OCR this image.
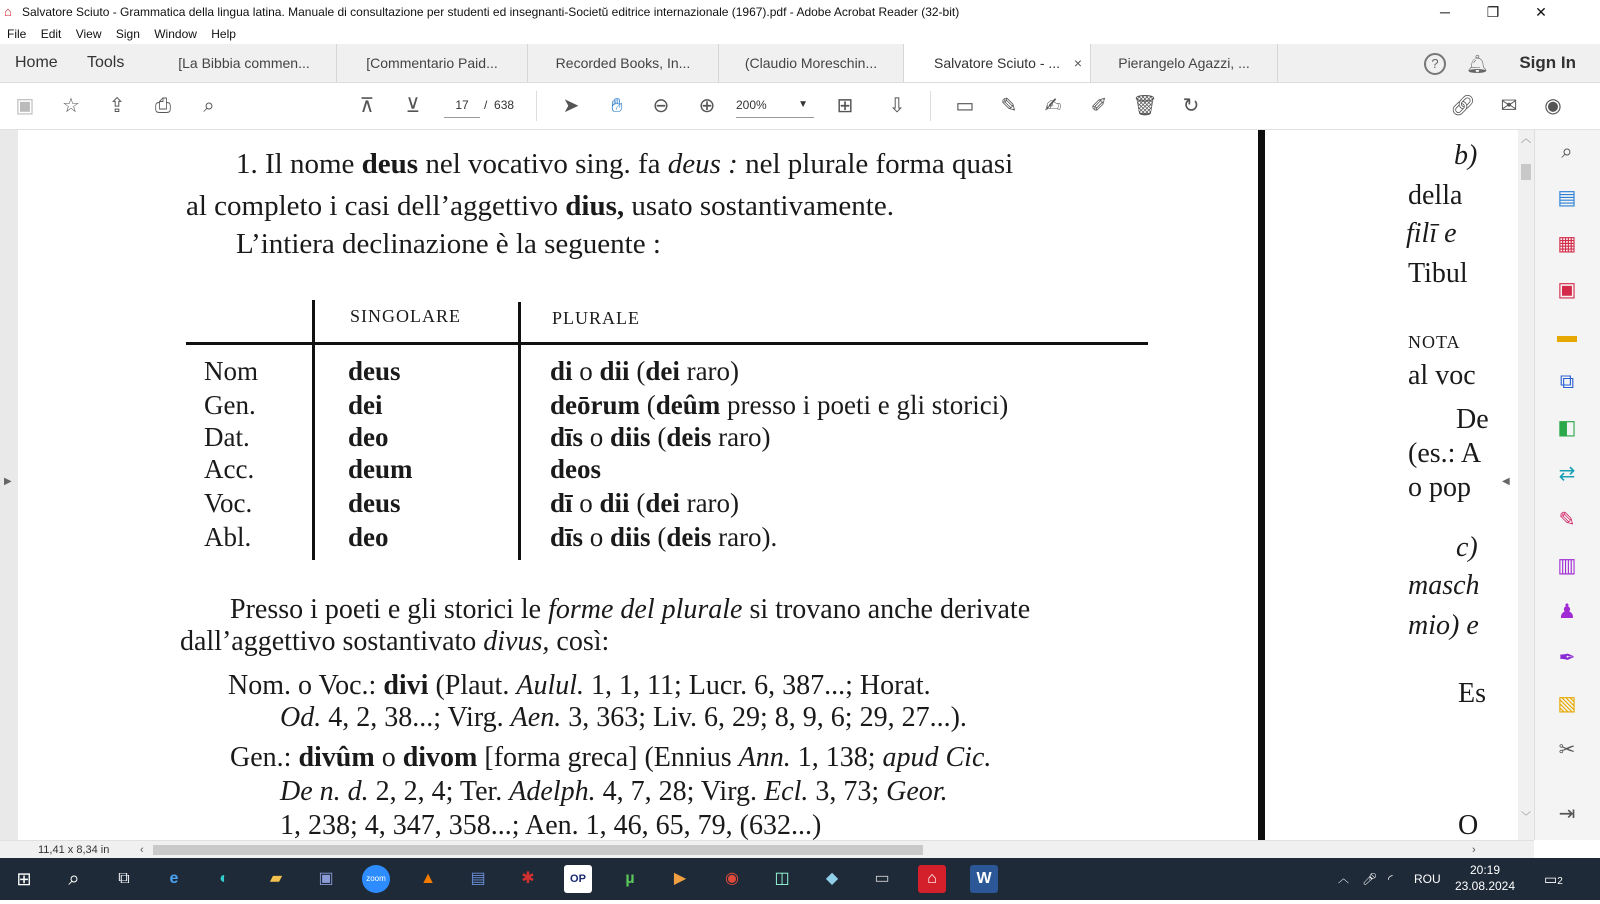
⌂ Salvatore Sciuto - Grammatica della lingua latina. Manuale di consultazione per studenti ed insegnanti-Societŭ editrice internazionale (1967).pdf - Adobe Acrobat Reader (32-bit)	─	❐	✕
File Edit View Sign Window Help
Home Tools	[La Bibbia commen...	[Commentario Paid...	Recorded Books, In...	(Claudio Moreschin...	Salvatore Sciuto - ... ×	Pierangelo Agazzi, ...	?	🔔︎ Sign In
▣ ☆ ⇪ ⎙	⌕	⊼ ⊻	17	/ 638 ➤	✋︎	⊖ ⊕	200%	▼ ⊞ ⇩	▭ ✎ ✍︎ ✐ 🗑︎ ↻	🔗︎ ✉ ◉
▶
1. Il nome deus nel vocativo sing. fa deus : nel plurale forma quasi
al completo i casi dell’aggettivo dius, usato sostantivamente.
L’intiera declinazione è la seguente :
SINGOLARE	PLURALE
Nom	deus	di o dii (dei raro)
Gen.	dei	deōrum (deûm presso i poeti e gli storici)
Dat.	deo	dīs o diis (deis raro)
Acc.	deum	deos
Voc.	deus	dī o dii (dei raro)
Abl.	deo	dīs o diis (deis raro).
Presso i poeti e gli storici le forme del plurale si trovano anche derivate
dall’aggettivo sostantivato divus, così:
Nom. o Voc.: divi (Plaut. Aulul. 1, 1, 11; Lucr. 6, 387...; Horat.
Od. 4, 2, 38...; Virg. Aen. 3, 363; Liv. 6, 29; 8, 9, 6; 29, 27...).
Gen.: divûm o divom [forma greca] (Ennius Ann. 1, 138; apud Cic.
De n. d. 2, 2, 4; Ter. Adelph. 4, 7, 28; Virg. Ecl. 3, 73; Geor.
1, 238; 4, 347, 358...; Aen. 1, 46, 65, 79, (632...)
b)
della
filī e
Tibul
NOTA
al voc
De
(es.: A
o pop
c)
masch
mio) e
Es
O
︿
◀
﹀
⌕
▤
▦
▣
▬
⧉
◧
⇄
✎
▥
♟
✒
▧
✂
⇥
11,41 x 8,34 in	‹	›
⊞	⌕	⧉	e	◐	▰	▣	zoom	▲	▤	✱	OP	µ	▶	◉	◫	◆	▭	⌂	W	︿ 🎤︎ ◜ ROU
20:19
23.08.2024	▭2
